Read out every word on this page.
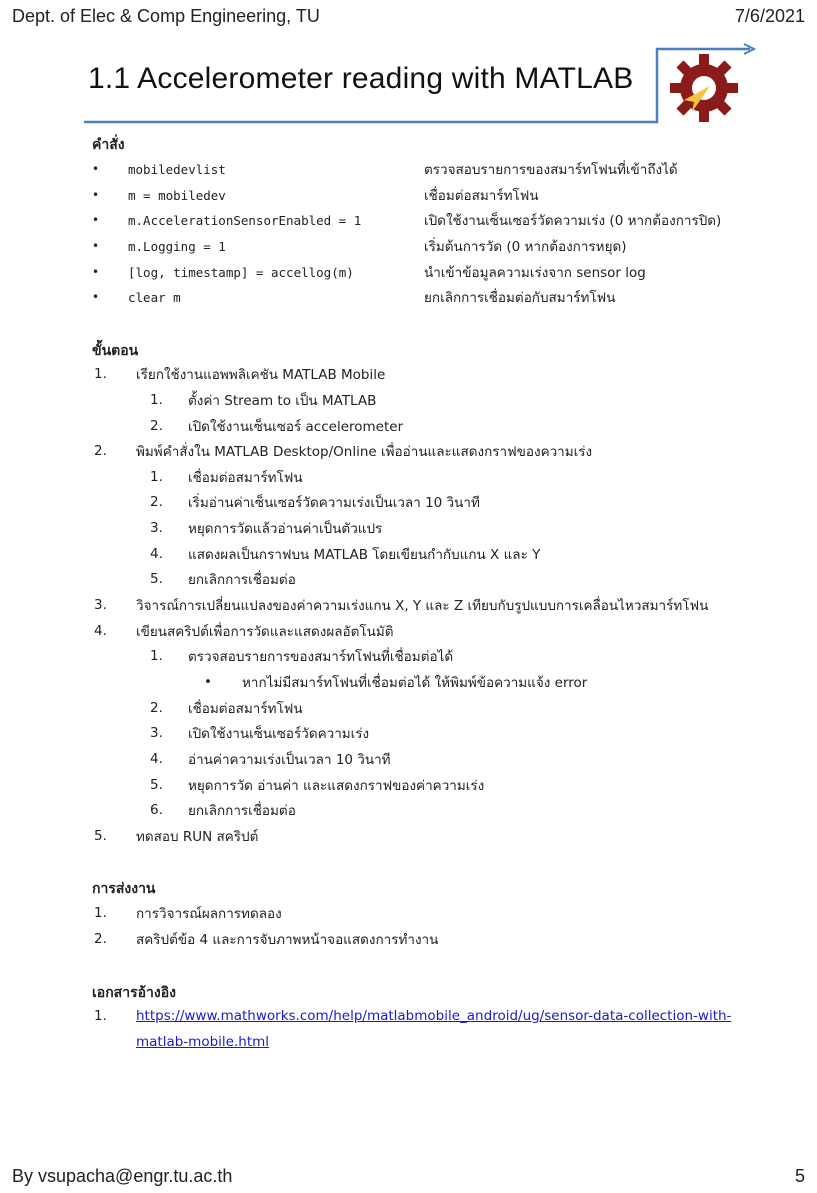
Dept. of Elec & Comp Engineering, TU	7/6/2021
1.1 Accelerometer reading with MATLAB
คำสั่ง
•	mobiledevlist	ตรวจสอบรายการของสมาร์ทโฟนที่เข้าถึงได้
•	m = mobiledev	เชื่อมต่อสมาร์ทโฟน
•	m.AccelerationSensorEnabled = 1	เปิดใช้งานเซ็นเซอร์วัดความเร่ง (0 หากต้องการปิด)
•	m.Logging = 1	เริ่มต้นการวัด (0 หากต้องการหยุด)
•	[log, timestamp] = accellog(m)	นำเข้าข้อมูลความเร่งจาก sensor log
•	clear m	ยกเลิกการเชื่อมต่อกับสมาร์ทโฟน
ขั้นตอน
1.	เรียกใช้งานแอพพลิเคชัน MATLAB Mobile
1.	ตั้งค่า Stream to เป็น MATLAB
2.	เปิดใช้งานเซ็นเซอร์ accelerometer
2.	พิมพ์คำสั่งใน MATLAB Desktop/Online เพื่ออ่านและแสดงกราฟของความเร่ง
1.	เชื่อมต่อสมาร์ทโฟน
2.	เริ่มอ่านค่าเซ็นเซอร์วัดความเร่งเป็นเวลา 10 วินาที
3.	หยุดการวัดแล้วอ่านค่าเป็นตัวแปร
4.	แสดงผลเป็นกราฟบน MATLAB โดยเขียนกำกับแกน X และ Y
5.	ยกเลิกการเชื่อมต่อ
3.	วิจารณ์การเปลี่ยนแปลงของค่าความเร่งแกน X, Y และ Z เทียบกับรูปแบบการเคลื่อนไหวสมาร์ทโฟน
4.	เขียนสคริปต์เพื่อการวัดและแสดงผลอัตโนมัติ
1.	ตรวจสอบรายการของสมาร์ทโฟนที่เชื่อมต่อได้
•	หากไม่มีสมาร์ทโฟนที่เชื่อมต่อได้ ให้พิมพ์ข้อความแจ้ง error
2.	เชื่อมต่อสมาร์ทโฟน
3.	เปิดใช้งานเซ็นเซอร์วัดความเร่ง
4.	อ่านค่าความเร่งเป็นเวลา 10 วินาที
5.	หยุดการวัด อ่านค่า และแสดงกราฟของค่าความเร่ง
6.	ยกเลิกการเชื่อมต่อ
5.	ทดสอบ RUN สคริปต์
การส่งงาน
1.	การวิจารณ์ผลการทดลอง
2.	สคริปต์ข้อ 4 และการจับภาพหน้าจอแสดงการทำงาน
เอกสารอ้างอิง
1.	https://www.mathworks.com/help/matlabmobile_android/ug/sensor-data-collection-with-
matlab-mobile.html
By vsupacha@engr.tu.ac.th	5
